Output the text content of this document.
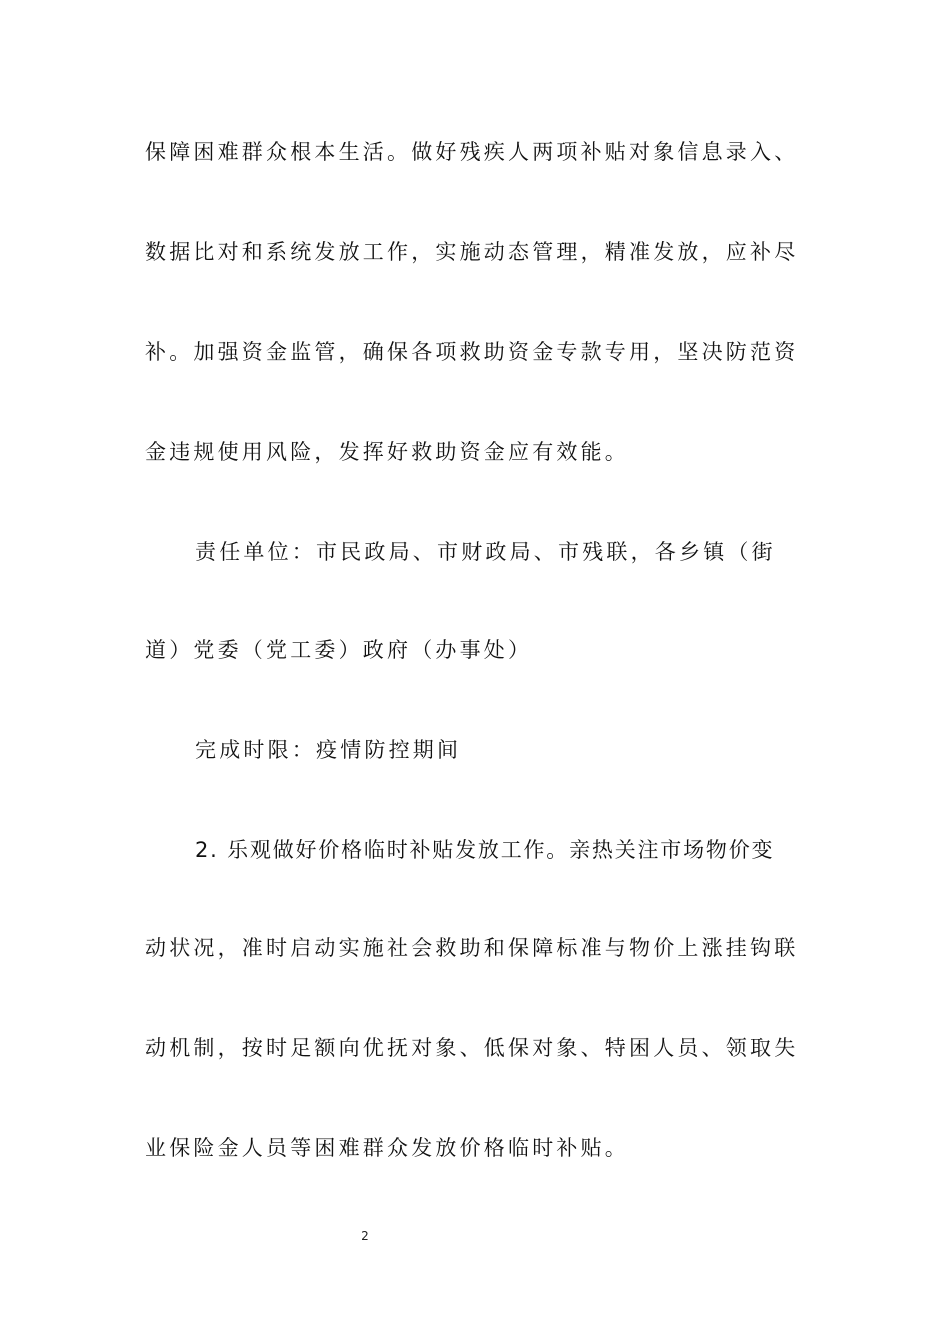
保障困难群众根本生活。做好残疾人两项补贴对象信息录入、
数据比对和系统发放工作，实施动态管理，精准发放，应补尽
补。加强资金监管，确保各项救助资金专款专用，坚决防范资
金违规使用风险，发挥好救助资金应有效能。
责任单位：市民政局、市财政局、市残联，各乡镇（街
道）党委（党工委）政府（办事处）
完成时限：疫情防控期间
2. 乐观做好价格临时补贴发放工作。亲热关注市场物价变
动状况，准时启动实施社会救助和保障标准与物价上涨挂钩联
动机制，按时足额向优抚对象、低保对象、特困人员、领取失
业保险金人员等困难群众发放价格临时补贴。
2
